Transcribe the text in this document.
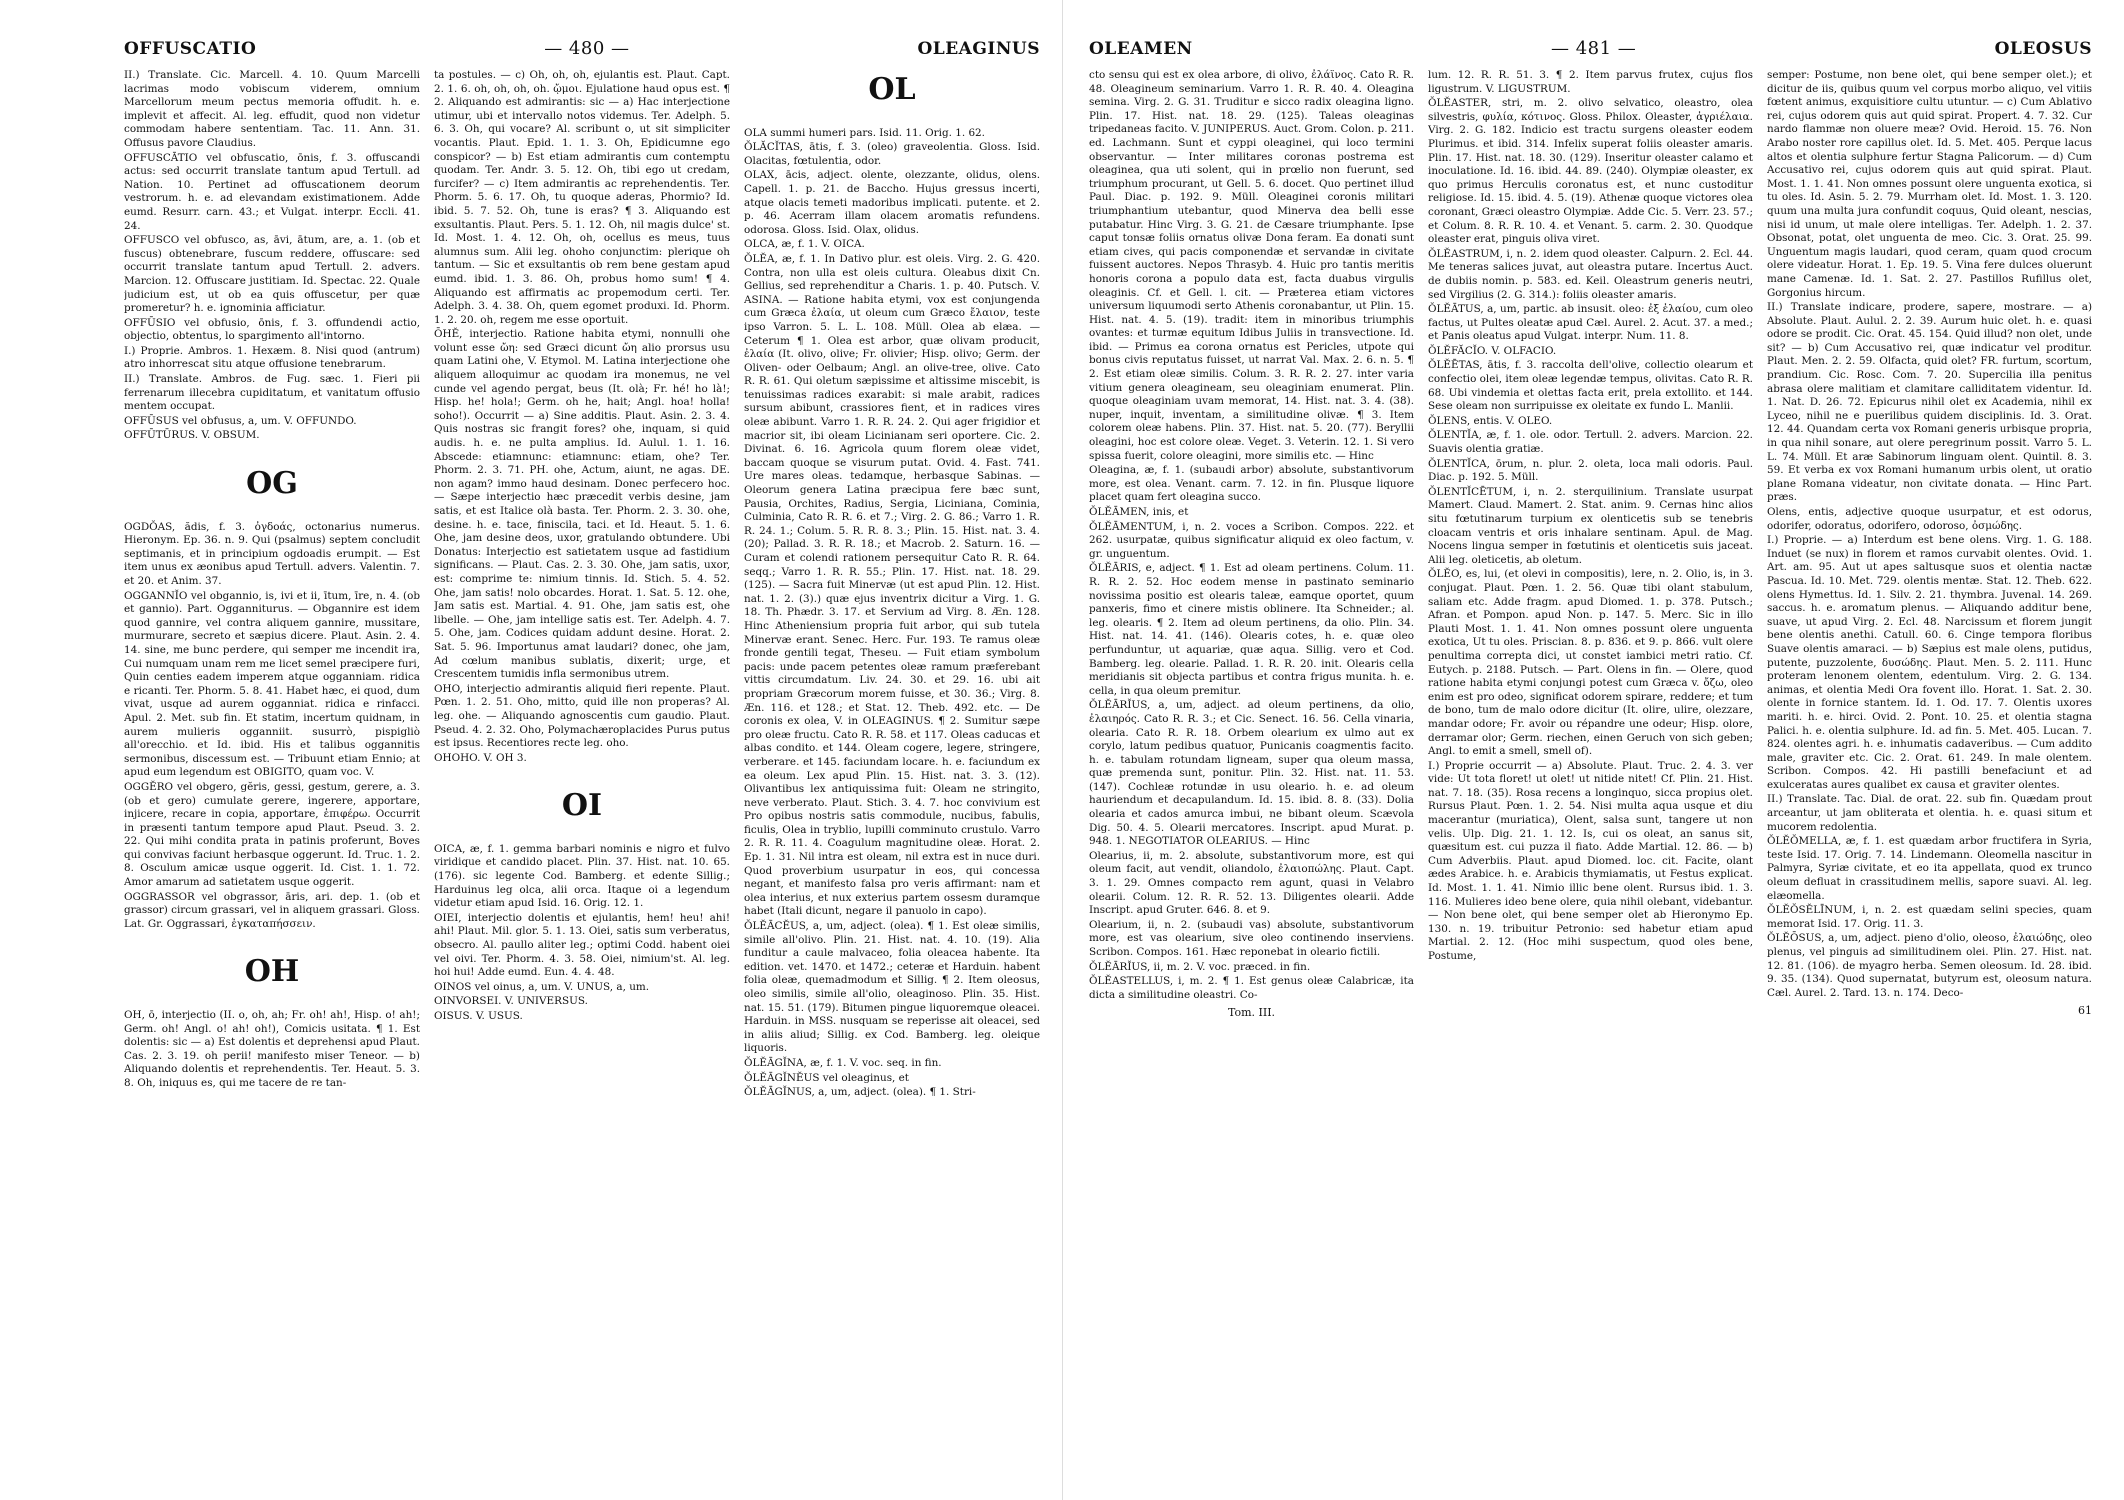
OFFUSCATIO	— 480 —	OLEAGINUS

II.) Translate. Cic. Marcell. 4. 10. Quum Marcelli lacrimas modo vobiscum viderem, omnium Marcellorum meum pectus memoria offudit. h. e. implevit et affecit. Al. leg. effudit, quod non videtur commodam habere sententiam. Tac. 11. Ann. 31. Offusus pavore Claudius.

OFFUSCĀTIO vel obfuscatio, ōnis, f. 3. offuscandi actus: sed occurrit translate tantum apud Tertull. ad Nation. 10. Pertinet ad offuscationem deorum vestrorum. h. e. ad elevandam existimationem. Adde eumd. Resurr. carn. 43.; et Vulgat. interpr. Eccli. 41. 24.

OFFUSCO vel obfusco, as, āvi, ātum, are, a. 1. (ob et fuscus) obtenebrare, fuscum reddere, offuscare: sed occurrit translate tantum apud Tertull. 2. advers. Marcion. 12. Offuscare justitiam. Id. Spectac. 22. Quale judicium est, ut ob ea quis offuscetur, per quæ promeretur? h. e. ignominia afficiatur.

OFFŪSIO vel obfusio, ōnis, f. 3. offundendi actio, objectio, obtentus, lo spargimento all'intorno.

I.) Proprie. Ambros. 1. Hexæm. 8. Nisi quod (antrum) atro inhorrescat situ atque offusione tenebrarum.

II.) Translate. Ambros. de Fug. sæc. 1. Fieri pii ferrenarum illecebra cupiditatum, et vanitatum offusio mentem occupat.

OFFŪSUS vel obfusus, a, um. V. OFFUNDO.

OFFŪTŪRUS. V. OBSUM.

OG

OGDŎAS, ădis, f. 3. ὀγδοάς, octonarius numerus. Hieronym. Ep. 36. n. 9. Qui (psalmus) septem concludit septimanis, et in principium ogdoadis erumpit. — Est item unus ex æonibus apud Tertull. advers. Valentin. 7. et 20. et Anim. 37.

OGGANNĬO vel obgannio, is, ivi et ii, ītum, īre, n. 4. (ob et gannio). Part. Ogganniturus. — Obgannire est idem quod gannire, vel contra aliquem gannire, mussitare, murmurare, secreto et sæpius dicere. Plaut. Asin. 2. 4. 14. sine, me bunc perdere, qui semper me incendit ira, Cui numquam unam rem me licet semel præcipere furi, Quin centies eadem imperem atque ogganniam. ridica e ricanti. Ter. Phorm. 5. 8. 41. Habet hæc, ei quod, dum vivat, usque ad aurem ogganniat. ridica e rinfacci. Apul. 2. Met. sub fin. Et statim, incertum quidnam, in aurem mulieris ogganniit. susurrò, pispigliò all'orecchio. et Id. ibid. His et talibus oggannitis sermonibus, discessum est. — Tribuunt etiam Ennio; at apud eum legendum est OBIGITO, quam voc. V.

OGGĔRO vel obgero, gĕris, gessi, gestum, gerere, a. 3. (ob et gero) cumulate gerere, ingerere, apportare, injicere, recare in copia, apportare, ἐπιφέρω. Occurrit in præsenti tantum tempore apud Plaut. Pseud. 3. 2. 22. Qui mihi condita prata in patinis proferunt, Boves qui convivas faciunt herbasque oggerunt. Id. Truc. 1. 2. 8. Osculum amicæ usque oggerit. Id. Cist. 1. 1. 72. Amor amarum ad satietatem usque oggerit.

OGGRASSOR vel obgrassor, āris, ari. dep. 1. (ob et grassor) circum grassari, vel in aliquem grassari. Gloss. Lat. Gr. Oggrassari, ἐγκαταπήσσειν.

OH

OH, ō, interjectio (II. o, oh, ah; Fr. oh! ah!, Hisp. o! ah!; Germ. oh! Angl. o! ah! oh!), Comicis usitata. ¶ 1. Est dolentis: sic — a) Est dolentis et deprehensi apud Plaut. Cas. 2. 3. 19. oh perii! manifesto miser Teneor. — b) Aliquando dolentis et reprehendentis. Ter. Heaut. 5. 3. 8. Oh, iniquus es, qui me tacere de re tan-

ta postules. — c) Oh, oh, oh, ejulantis est. Plaut. Capt. 2. 1. 6. oh, oh, oh, oh. ᾤμοι. Ejulatione haud opus est. ¶ 2. Aliquando est admirantis: sic — a) Hac interjectione utimur, ubi et intervallo notos videmus. Ter. Adelph. 5. 6. 3. Oh, qui vocare? Al. scribunt o, ut sit simpliciter vocantis. Plaut. Epid. 1. 1. 3. Oh, Epidicumne ego conspicor? — b) Est etiam admirantis cum contemptu quodam. Ter. Andr. 3. 5. 12. Oh, tibi ego ut credam, furcifer? — c) Item admirantis ac reprehendentis. Ter. Phorm. 5. 6. 17. Oh, tu quoque aderas, Phormio? Id. ibid. 5. 7. 52. Oh, tune is eras? ¶ 3. Aliquando est exsultantis. Plaut. Pers. 5. 1. 12. Oh, nil magis dulce' st. Id. Most. 1. 4. 12. Oh, oh, ocellus es meus, tuus alumnus sum. Alii leg. ohoho conjunctim: plerique oh tantum. — Sic et exsultantis ob rem bene gestam apud eumd. ibid. 1. 3. 86. Oh, probus homo sum! ¶ 4. Aliquando est affirmatis ac propemodum certi. Ter. Adelph. 3. 4. 38. Oh, quem egomet produxi. Id. Phorm. 1. 2. 20. oh, regem me esse oportuit.

ŌHĔ, interjectio. Ratione habita etymi, nonnulli ohe volunt esse ὤη: sed Græci dicunt ὤη alio prorsus usu quam Latini ohe, V. Etymol. M. Latina interjectione ohe aliquem alloquimur ac quodam ira monemus, ne vel cunde vel agendo pergat, beus (It. olà; Fr. hé! ho là!; Hisp. he! hola!; Germ. oh he, hait; Angl. hoa! holla! soho!). Occurrit — a) Sine additis. Plaut. Asin. 2. 3. 4. Quis nostras sic frangit fores? ohe, inquam, si quid audis. h. e. ne pulta amplius. Id. Aulul. 1. 1. 16. Abscede: etiamnunc: etiamnunc: etiam, ohe? Ter. Phorm. 2. 3. 71. PH. ohe, Actum, aiunt, ne agas. DE. non agam? immo haud desinam. Donec perfecero hoc. — Sæpe interjectio hæc præcedit verbis desine, jam satis, et est Italice olà basta. Ter. Phorm. 2. 3. 30. ohe, desine. h. e. tace, finiscila, taci. et Id. Heaut. 5. 1. 6. Ohe, jam desine deos, uxor, gratulando obtundere. Ubi Donatus: Interjectio est satietatem usque ad fastidium significans. — Plaut. Cas. 2. 3. 30. Ohe, jam satis, uxor, est: comprime te: nimium tinnis. Id. Stich. 5. 4. 52. Ohe, jam satis! nolo obcardes. Horat. 1. Sat. 5. 12. ohe, Jam satis est. Martial. 4. 91. Ohe, jam satis est, ohe libelle. — Ohe, jam intellige satis est. Ter. Adelph. 4. 7. 5. Ohe, jam. Codices quidam addunt desine. Horat. 2. Sat. 5. 96. Importunus amat laudari? donec, ohe jam, Ad cœlum manibus sublatis, dixerit; urge, et Crescentem tumidis infla sermonibus utrem.

OHO, interjectio admirantis aliquid fieri repente. Plaut. Pœn. 1. 2. 51. Oho, mitto, quid ille non properas? Al. leg. ohe. — Aliquando agnoscentis cum gaudio. Plaut. Pseud. 4. 2. 32. Oho, Polymachæroplacides Purus putus est ipsus. Recentiores recte leg. oho.

OHOHO. V. OH 3.

OI

OICA, æ, f. 1. gemma barbari nominis e nigro et fulvo viridique et candido placet. Plin. 37. Hist. nat. 10. 65. (176). sic legente Cod. Bamberg. et edente Sillig.; Harduinus leg olca, alii orca. Itaque oi a legendum videtur etiam apud Isid. 16. Orig. 12. 1.

OIEI, interjectio dolentis et ejulantis, hem! heu! ahi! ahi! Plaut. Mil. glor. 5. 1. 13. Oiei, satis sum verberatus, obsecro. Al. paullo aliter leg.; optimi Codd. habent oiei vel oivi. Ter. Phorm. 4. 3. 58. Oiei, nimium'st. Al. leg. hoi hui! Adde eumd. Eun. 4. 4. 48.

OINOS vel oinus, a, um. V. UNUS, a, um.

OINVORSEI. V. UNIVERSUS.

OISUS. V. USUS.

OL

OLA summi humeri pars. Isid. 11. Orig. 1. 62.

ŎLĂCĬTAS, ātis, f. 3. (oleo) graveolentia. Gloss. Isid. Olacitas, fœtulentia, odor.

OLAX, ācis, adject. olente, olezzante, olidus, olens. Capell. 1. p. 21. de Baccho. Hujus gressus incerti, atque olacis temeti madoribus implicati. putente. et 2. p. 46. Acerram illam olacem aromatis refundens. odorosa. Gloss. Isid. Olax, olidus.

OLCA, æ, f. 1. V. OICA.

ŎLĔA, æ, f. 1. In Dativo plur. est oleis. Virg. 2. G. 420. Contra, non ulla est oleis cultura. Oleabus dixit Cn. Gellius, sed reprehenditur a Charis. 1. p. 40. Putsch. V. ASINA. — Ratione habita etymi, vox est conjungenda cum Græca ἐλαία, ut oleum cum Græco ἔλαιον, teste ipso Varron. 5. L. L. 108. Müll. Olea ab elæa. — Ceterum ¶ 1. Olea est arbor, quæ olivam producit, ἐλαία (It. olivo, olive; Fr. olivier; Hisp. olivo; Germ. der Oliven- oder Oelbaum; Angl. an olive-tree, olive. Cato R. R. 61. Qui oletum sæpissime et altissime miscebit, is tenuissimas radices exarabit: si male arabit, radices sursum abibunt, crassiores fient, et in radices vires oleæ abibunt. Varro 1. R. R. 24. 2. Qui ager frigidior et macrior sit, ibi oleam Licinianam seri oportere. Cic. 2. Divinat. 6. 16. Agricola quum florem oleæ videt, baccam quoque se visurum putat. Ovid. 4. Fast. 741. Ure mares oleas. tedamque, herbasque Sabinas. — Oleorum genera Latina præcipua fere bæc sunt, Pausia, Orchites, Radius, Sergia, Liciniana, Cominia, Culminia, Cato R. R. 6. et 7.; Virg. 2. G. 86.; Varro 1. R. R. 24. 1.; Colum. 5. R. R. 8. 3.; Plin. 15. Hist. nat. 3. 4. (20); Pallad. 3. R. R. 18.; et Macrob. 2. Saturn. 16. — Curam et colendi rationem persequitur Cato R. R. 64. seqq.; Varro 1. R. R. 55.; Plin. 17. Hist. nat. 18. 29. (125). — Sacra fuit Minervæ (ut est apud Plin. 12. Hist. nat. 1. 2. (3).) quæ ejus inventrix dicitur a Virg. 1. G. 18. Th. Phædr. 3. 17. et Servium ad Virg. 8. Æn. 128. Hinc Atheniensium propria fuit arbor, qui sub tutela Minervæ erant. Senec. Herc. Fur. 193. Te ramus oleæ fronde gentili tegat, Theseu. — Fuit etiam symbolum pacis: unde pacem petentes oleæ ramum præferebant vittis circumdatum. Liv. 24. 30. et 29. 16. ubi ait propriam Græcorum morem fuisse, et 30. 36.; Virg. 8. Æn. 116. et 128.; et Stat. 12. Theb. 492. etc. — De coronis ex olea, V. in OLEAGINUS. ¶ 2. Sumitur sæpe pro oleæ fructu. Cato R. R. 58. et 117. Oleas caducas et albas condito. et 144. Oleam cogere, legere, stringere, verberare. et 145. faciundam locare. h. e. faciundum ex ea oleum. Lex apud Plin. 15. Hist. nat. 3. 3. (12). Olivantibus lex antiquissima fuit: Oleam ne stringito, neve verberato. Plaut. Stich. 3. 4. 7. hoc convivium est Pro opibus nostris satis commodule, nucibus, fabulis, ficulis, Olea in tryblio, lupilli comminuto crustulo. Varro 2. R. R. 11. 4. Coagulum magnitudine oleæ. Horat. 2. Ep. 1. 31. Nil intra est oleam, nil extra est in nuce duri. Quod proverbium usurpatur in eos, qui concessa negant, et manifesto falsa pro veris affirmant: nam et olea interius, et nux exterius partem ossesm duramque habet (Itali dicunt, negare il panuolo in capo).

ŎLĔĀCĔUS, a, um, adject. (olea). ¶ 1. Est oleæ similis, simile all'olivo. Plin. 21. Hist. nat. 4. 10. (19). Alia funditur a caule malvaceo, folia oleacea habente. Ita edition. vet. 1470. et 1472.; ceteræ et Harduin. habent folia oleæ, quemadmodum et Sillig. ¶ 2. Item oleosus, oleo similis, simile all'olio, oleaginoso. Plin. 35. Hist. nat. 15. 51. (179). Bitumen pingue liquoremque oleacei. Harduin. in MSS. nusquam se reperisse ait oleacei, sed in aliis aliud; Sillig. ex Cod. Bamberg. leg. oleique liquoris.

ŎLĔĀGĬNA, æ, f. 1. V. voc. seq. in fin.

ŎLĔĀGĬNĔUS vel oleaginus, et

ŎLĔĀGĬNUS, a, um, adject. (olea). ¶ 1. Stri-

OLEAMEN	— 481 —	OLEOSUS

cto sensu qui est ex olea arbore, di olivo, ἐλάϊνος. Cato R. R. 48. Oleagineum seminarium. Varro 1. R. R. 40. 4. Oleagina semina. Virg. 2. G. 31. Truditur e sicco radix oleagina ligno. Plin. 17. Hist. nat. 18. 29. (125). Taleas oleaginas tripedaneas facito. V. JUNIPERUS. Auct. Grom. Colon. p. 211. ed. Lachmann. Sunt et cyppi oleaginei, qui loco termini observantur. — Inter militares coronas postrema est oleaginea, qua uti solent, qui in prœlio non fuerunt, sed triumphum procurant, ut Gell. 5. 6. docet. Quo pertinet illud Paul. Diac. p. 192. 9. Müll. Oleaginei coronis militari triumphantium utebantur, quod Minerva dea belli esse putabatur. Hinc Virg. 3. G. 21. de Cæsare triumphante. Ipse caput tonsæ foliis ornatus olivæ Dona feram. Ea donati sunt etiam cives, qui pacis componendæ et servandæ in civitate fuissent auctores. Nepos Thrasyb. 4. Huic pro tantis meritis honoris corona a populo data est, facta duabus virgulis oleaginis. Cf. et Gell. l. cit. — Præterea etiam victores universum liquumodi serto Athenis coronabantur, ut Plin. 15. Hist. nat. 4. 5. (19). tradit: item in minoribus triumphis ovantes: et turmæ equitum Idibus Juliis in transvectione. Id. ibid. — Primus ea corona ornatus est Pericles, utpote qui bonus civis reputatus fuisset, ut narrat Val. Max. 2. 6. n. 5. ¶ 2. Est etiam oleæ similis. Colum. 3. R. R. 2. 27. inter varia vitium genera oleagineam, seu oleaginiam enumerat. Plin. quoque oleaginiam uvam memorat, 14. Hist. nat. 3. 4. (38). nuper, inquit, inventam, a similitudine olivæ. ¶ 3. Item colorem oleæ habens. Plin. 37. Hist. nat. 5. 20. (77). Beryllii oleagini, hoc est colore oleæ. Veget. 3. Veterin. 12. 1. Si vero spissa fuerit, colore oleagini, more similis etc. — Hinc

Oleagina, æ, f. 1. (subaudi arbor) absolute, substantivorum more, est olea. Venant. carm. 7. 12. in fin. Plusque liquore placet quam fert oleagina succo.

ŎLĔĀMEN, inis, et

ŎLĔĀMENTUM, i, n. 2. voces a Scribon. Compos. 222. et 262. usurpatæ, quibus significatur aliquid ex oleo factum, v. gr. unguentum.

ŎLĔĀRIS, e, adject. ¶ 1. Est ad oleam pertinens. Colum. 11. R. R. 2. 52. Hoc eodem mense in pastinato seminario novissima positio est olearis taleæ, eamque oportet, quum panxeris, fimo et cinere mistis oblinere. Ita Schneider.; al. leg. olearis. ¶ 2. Item ad oleum pertinens, da olio. Plin. 34. Hist. nat. 14. 41. (146). Olearis cotes, h. e. quæ oleo perfunduntur, ut aquariæ, quæ aqua. Sillig. vero et Cod. Bamberg. leg. olearie. Pallad. 1. R. R. 20. init. Olearis cella meridianis sit objecta partibus et contra frigus munita. h. e. cella, in qua oleum premitur.

ŎLĔĀRĬUS, a, um, adject. ad oleum pertinens, da olio, ἐλαιηρός. Cato R. R. 3.; et Cic. Senect. 16. 56. Cella vinaria, olearia. Cato R. R. 18. Orbem olearium ex ulmo aut ex corylo, latum pedibus quatuor, Punicanis coagmentis facito. h. e. tabulam rotundam ligneam, super qua oleum massa, quæ premenda sunt, ponitur. Plin. 32. Hist. nat. 11. 53. (147). Cochleæ rotundæ in usu oleario. h. e. ad oleum hauriendum et decapulandum. Id. 15. ibid. 8. 8. (33). Dolia olearia et cados amurca imbui, ne bibant oleum. Scævola Dig. 50. 4. 5. Olearii mercatores. Inscript. apud Murat. p. 948. 1. NEGOTIATOR OLEARIUS. — Hinc

Olearius, ii, m. 2. absolute, substantivorum more, est qui oleum facit, aut vendit, oliandolo, ἐλαιοπώλης. Plaut. Capt. 3. 1. 29. Omnes compacto rem agunt, quasi in Velabro olearii. Colum. 12. R. R. 52. 13. Diligentes olearii. Adde Inscript. apud Gruter. 646. 8. et 9.

Olearium, ii, n. 2. (subaudi vas) absolute, substantivorum more, est vas olearium, sive oleo continendo inserviens. Scribon. Compos. 161. Hæc reponebat in oleario fictili.

ŎLĔĀRĬUS, ii, m. 2. V. voc. præced. in fin.

ŎLĔASTELLUS, i, m. 2. ¶ 1. Est genus oleæ Calabricæ, ita dicta a similitudine oleastri. Co-

Tom. III.

lum. 12. R. R. 51. 3. ¶ 2. Item parvus frutex, cujus flos ligustrum. V. LIGUSTRUM.

ŎLĔASTER, stri, m. 2. olivo selvatico, oleastro, olea silvestris, φυλία, κότινος. Gloss. Philox. Oleaster, ἀγριέλαια. Virg. 2. G. 182. Indicio est tractu surgens oleaster eodem Plurimus. et ibid. 314. Infelix superat foliis oleaster amaris. Plin. 17. Hist. nat. 18. 30. (129). Inseritur oleaster calamo et inoculatione. Id. 16. ibid. 44. 89. (240). Olympiæ oleaster, ex quo primus Herculis coronatus est, et nunc custoditur religiose. Id. 15. ibid. 4. 5. (19). Athenæ quoque victores olea coronant, Græci oleastro Olympiæ. Adde Cic. 5. Verr. 23. 57.; et Colum. 8. R. R. 10. 4. et Venant. 5. carm. 2. 30. Quodque oleaster erat, pinguis oliva viret.

ŎLĔASTRUM, i, n. 2. idem quod oleaster. Calpurn. 2. Ecl. 44. Me teneras salices juvat, aut oleastra putare. Incertus Auct. de dubiis nomin. p. 583. ed. Keil. Oleastrum generis neutri, sed Virgilius (2. G. 314.): foliis oleaster amaris.

ŎLĔĀTUS, a, um, partic. ab insusit. oleo: ἐξ ἐλαίου, cum oleo factus, ut Pultes oleatæ apud Cæl. Aurel. 2. Acut. 37. a med.; et Panis oleatus apud Vulgat. interpr. Num. 11. 8.

ŎLĔFĂCĬO. V. OLFACIO.

ŎLĔĒTAS, ātis, f. 3. raccolta dell'olive, collectio olearum et confectio olei, item oleæ legendæ tempus, olivitas. Cato R. R. 68. Ubi vindemia et olettas facta erit, prela extollito. et 144. Sese oleam non surripuisse ex oleitate ex fundo L. Manlii.

ŎLENS, entis. V. OLEO.

ŎLENTĬA, æ, f. 1. ole. odor. Tertull. 2. advers. Marcion. 22. Suavis olentia gratiæ.

ŎLENTĬCA, ōrum, n. plur. 2. oleta, loca mali odoris. Paul. Diac. p. 192. 5. Müll.

ŎLENTĬCĒTUM, i, n. 2. sterquilinium. Translate usurpat Mamert. Claud. Mamert. 2. Stat. anim. 9. Cernas hinc alios situ fœtutinarum turpium ex olenticetis sub se tenebris cloacam ventris et oris inhalare sentinam. Apul. de Mag. Nocens lingua semper in fœtutinis et olenticetis suis jaceat. Alii leg. oleticetis, ab oletum.

ŎLĔO, es, lui, (et olevi in compositis), lere, n. 2. Olio, is, in 3. conjugat. Plaut. Pœn. 1. 2. 56. Quæ tibi olant stabulum, saliam etc. Adde fragm. apud Diomed. 1. p. 378. Putsch.; Afran. et Pompon. apud Non. p. 147. 5. Merc. Sic in illo Plauti Most. 1. 1. 41. Non omnes possunt olere unguenta exotica, Ut tu oles. Priscian. 8. p. 836. et 9. p. 866. vult olere penultima correpta dici, ut constet iambici metri ratio. Cf. Eutych. p. 2188. Putsch. — Part. Olens in fin. — Olere, quod ratione habita etymi conjungi potest cum Græca v. ὄζω, oleo enim est pro odeo, significat odorem spirare, reddere; et tum de bono, tum de malo odore dicitur (It. olire, ulire, olezzare, mandar odore; Fr. avoir ou répandre une odeur; Hisp. olore, derramar olor; Germ. riechen, einen Geruch von sich geben; Angl. to emit a smell, smell of).

I.) Proprie occurrit — a) Absolute. Plaut. Truc. 2. 4. 3. ver vide: Ut tota floret! ut olet! ut nitide nitet! Cf. Plin. 21. Hist. nat. 7. 18. (35). Rosa recens a longinquo, sicca propius olet. Rursus Plaut. Pœn. 1. 2. 54. Nisi multa aqua usque et diu macerantur (muriatica), Olent, salsa sunt, tangere ut non velis. Ulp. Dig. 21. 1. 12. Is, cui os oleat, an sanus sit, quæsitum est. cui puzza il fiato. Adde Martial. 12. 86. — b) Cum Adverbiis. Plaut. apud Diomed. loc. cit. Facite, olant ædes Arabice. h. e. Arabicis thymiamatis, ut Festus explicat. Id. Most. 1. 1. 41. Nimio illic bene olent. Rursus ibid. 1. 3. 116. Mulieres ideo bene olere, quia nihil olebant, videbantur. — Non bene olet, qui bene semper olet ab Hieronymo Ep. 130. n. 19. tribuitur Petronio: sed habetur etiam apud Martial. 2. 12. (Hoc mihi suspectum, quod oles bene, Postume,

semper: Postume, non bene olet, qui bene semper olet.); et dicitur de iis, quibus quum vel corpus morbo aliquo, vel vitiis fœtent animus, exquisitiore cultu utuntur. — c) Cum Ablativo rei, cujus odorem quis aut quid spirat. Propert. 4. 7. 32. Cur nardo flammæ non oluere meæ? Ovid. Heroid. 15. 76. Non Arabo noster rore capillus olet. Id. 5. Met. 405. Perque lacus altos et olentia sulphure fertur Stagna Palicorum. — d) Cum Accusativo rei, cujus odorem quis aut quid spirat. Plaut. Most. 1. 1. 41. Non omnes possunt olere unguenta exotica, si tu oles. Id. Asin. 5. 2. 79. Murrham olet. Id. Most. 1. 3. 120. quum una multa jura confundit coquus, Quid oleant, nescias, nisi id unum, ut male olere intelligas. Ter. Adelph. 1. 2. 37. Obsonat, potat, olet unguenta de meo. Cic. 3. Orat. 25. 99. Unguentum magis laudari, quod ceram, quam quod crocum olere videatur. Horat. 1. Ep. 19. 5. Vina fere dulces oluerunt mane Camenæ. Id. 1. Sat. 2. 27. Pastillos Rufillus olet, Gorgonius hircum.

II.) Translate indicare, prodere, sapere, mostrare. — a) Absolute. Plaut. Aulul. 2. 2. 39. Aurum huic olet. h. e. quasi odore se prodit. Cic. Orat. 45. 154. Quid illud? non olet, unde sit? — b) Cum Accusativo rei, quæ indicatur vel proditur. Plaut. Men. 2. 2. 59. Olfacta, quid olet? FR. furtum, scortum, prandium. Cic. Rosc. Com. 7. 20. Supercilia illa penitus abrasa olere malitiam et clamitare calliditatem videntur. Id. 1. Nat. D. 26. 72. Epicurus nihil olet ex Academia, nihil ex Lyceo, nihil ne e puerilibus quidem disciplinis. Id. 3. Orat. 12. 44. Quandam certa vox Romani generis urbisque propria, in qua nihil sonare, aut olere peregrinum possit. Varro 5. L. L. 74. Müll. Et aræ Sabinorum linguam olent. Quintil. 8. 3. 59. Et verba ex vox Romani humanum urbis olent, ut oratio plane Romana videatur, non civitate donata. — Hinc Part. præs.

Olens, entis, adjective quoque usurpatur, et est odorus, odorifer, odoratus, odorifero, odoroso, ὀσμώδης.

I.) Proprie. — a) Interdum est bene olens. Virg. 1. G. 188. Induet (se nux) in florem et ramos curvabit olentes. Ovid. 1. Art. am. 95. Aut ut apes saltusque suos et olentia nactæ Pascua. Id. 10. Met. 729. olentis mentæ. Stat. 12. Theb. 622. olens Hymettus. Id. 1. Silv. 2. 21. thymbra. Juvenal. 14. 269. saccus. h. e. aromatum plenus. — Aliquando additur bene, suave, ut apud Virg. 2. Ecl. 48. Narcissum et florem jungit bene olentis anethi. Catull. 60. 6. Cinge tempora floribus Suave olentis amaraci. — b) Sæpius est male olens, putidus, putente, puzzolente, δυσώδης. Plaut. Men. 5. 2. 111. Hunc proteram lenonem olentem, edentulum. Virg. 2. G. 134. animas, et olentia Medi Ora fovent illo. Horat. 1. Sat. 2. 30. olente in fornice stantem. Id. 1. Od. 17. 7. Olentis uxores mariti. h. e. hirci. Ovid. 2. Pont. 10. 25. et olentia stagna Palici. h. e. olentia sulphure. Id. ad fin. 5. Met. 405. Lucan. 7. 824. olentes agri. h. e. inhumatis cadaveribus. — Cum addito male, graviter etc. Cic. 2. Orat. 61. 249. In male olentem. Scribon. Compos. 42. Hi pastilli benefaciunt et ad exulceratas aures qualibet ex causa et graviter olentes.

II.) Translate. Tac. Dial. de orat. 22. sub fin. Quædam prout arceantur, ut jam obliterata et olentia. h. e. quasi situm et mucorem redolentia.

ŎLĔŎMELLA, æ, f. 1. est quædam arbor fructifera in Syria, teste Isid. 17. Orig. 7. 14. Lindemann. Oleomella nascitur in Palmyra, Syriæ civitate, et eo ita appellata, quod ex trunco oleum defluat in crassitudinem mellis, sapore suavi. Al. leg. elæomella.

ŎLĔŎSĔLĪNUM, i, n. 2. est quædam selini species, quam memorat Isid. 17. Orig. 11. 3.

ŎLĔŌSUS, a, um, adject. pieno d'olio, oleoso, ἐλαιώδης, oleo plenus, vel pinguis ad similitudinem olei. Plin. 27. Hist. nat. 12. 81. (106). de myagro herba. Semen oleosum. Id. 28. ibid. 9. 35. (134). Quod supernatat, butyrum est, oleosum natura. Cæl. Aurel. 2. Tard. 13. n. 174. Deco-

61
